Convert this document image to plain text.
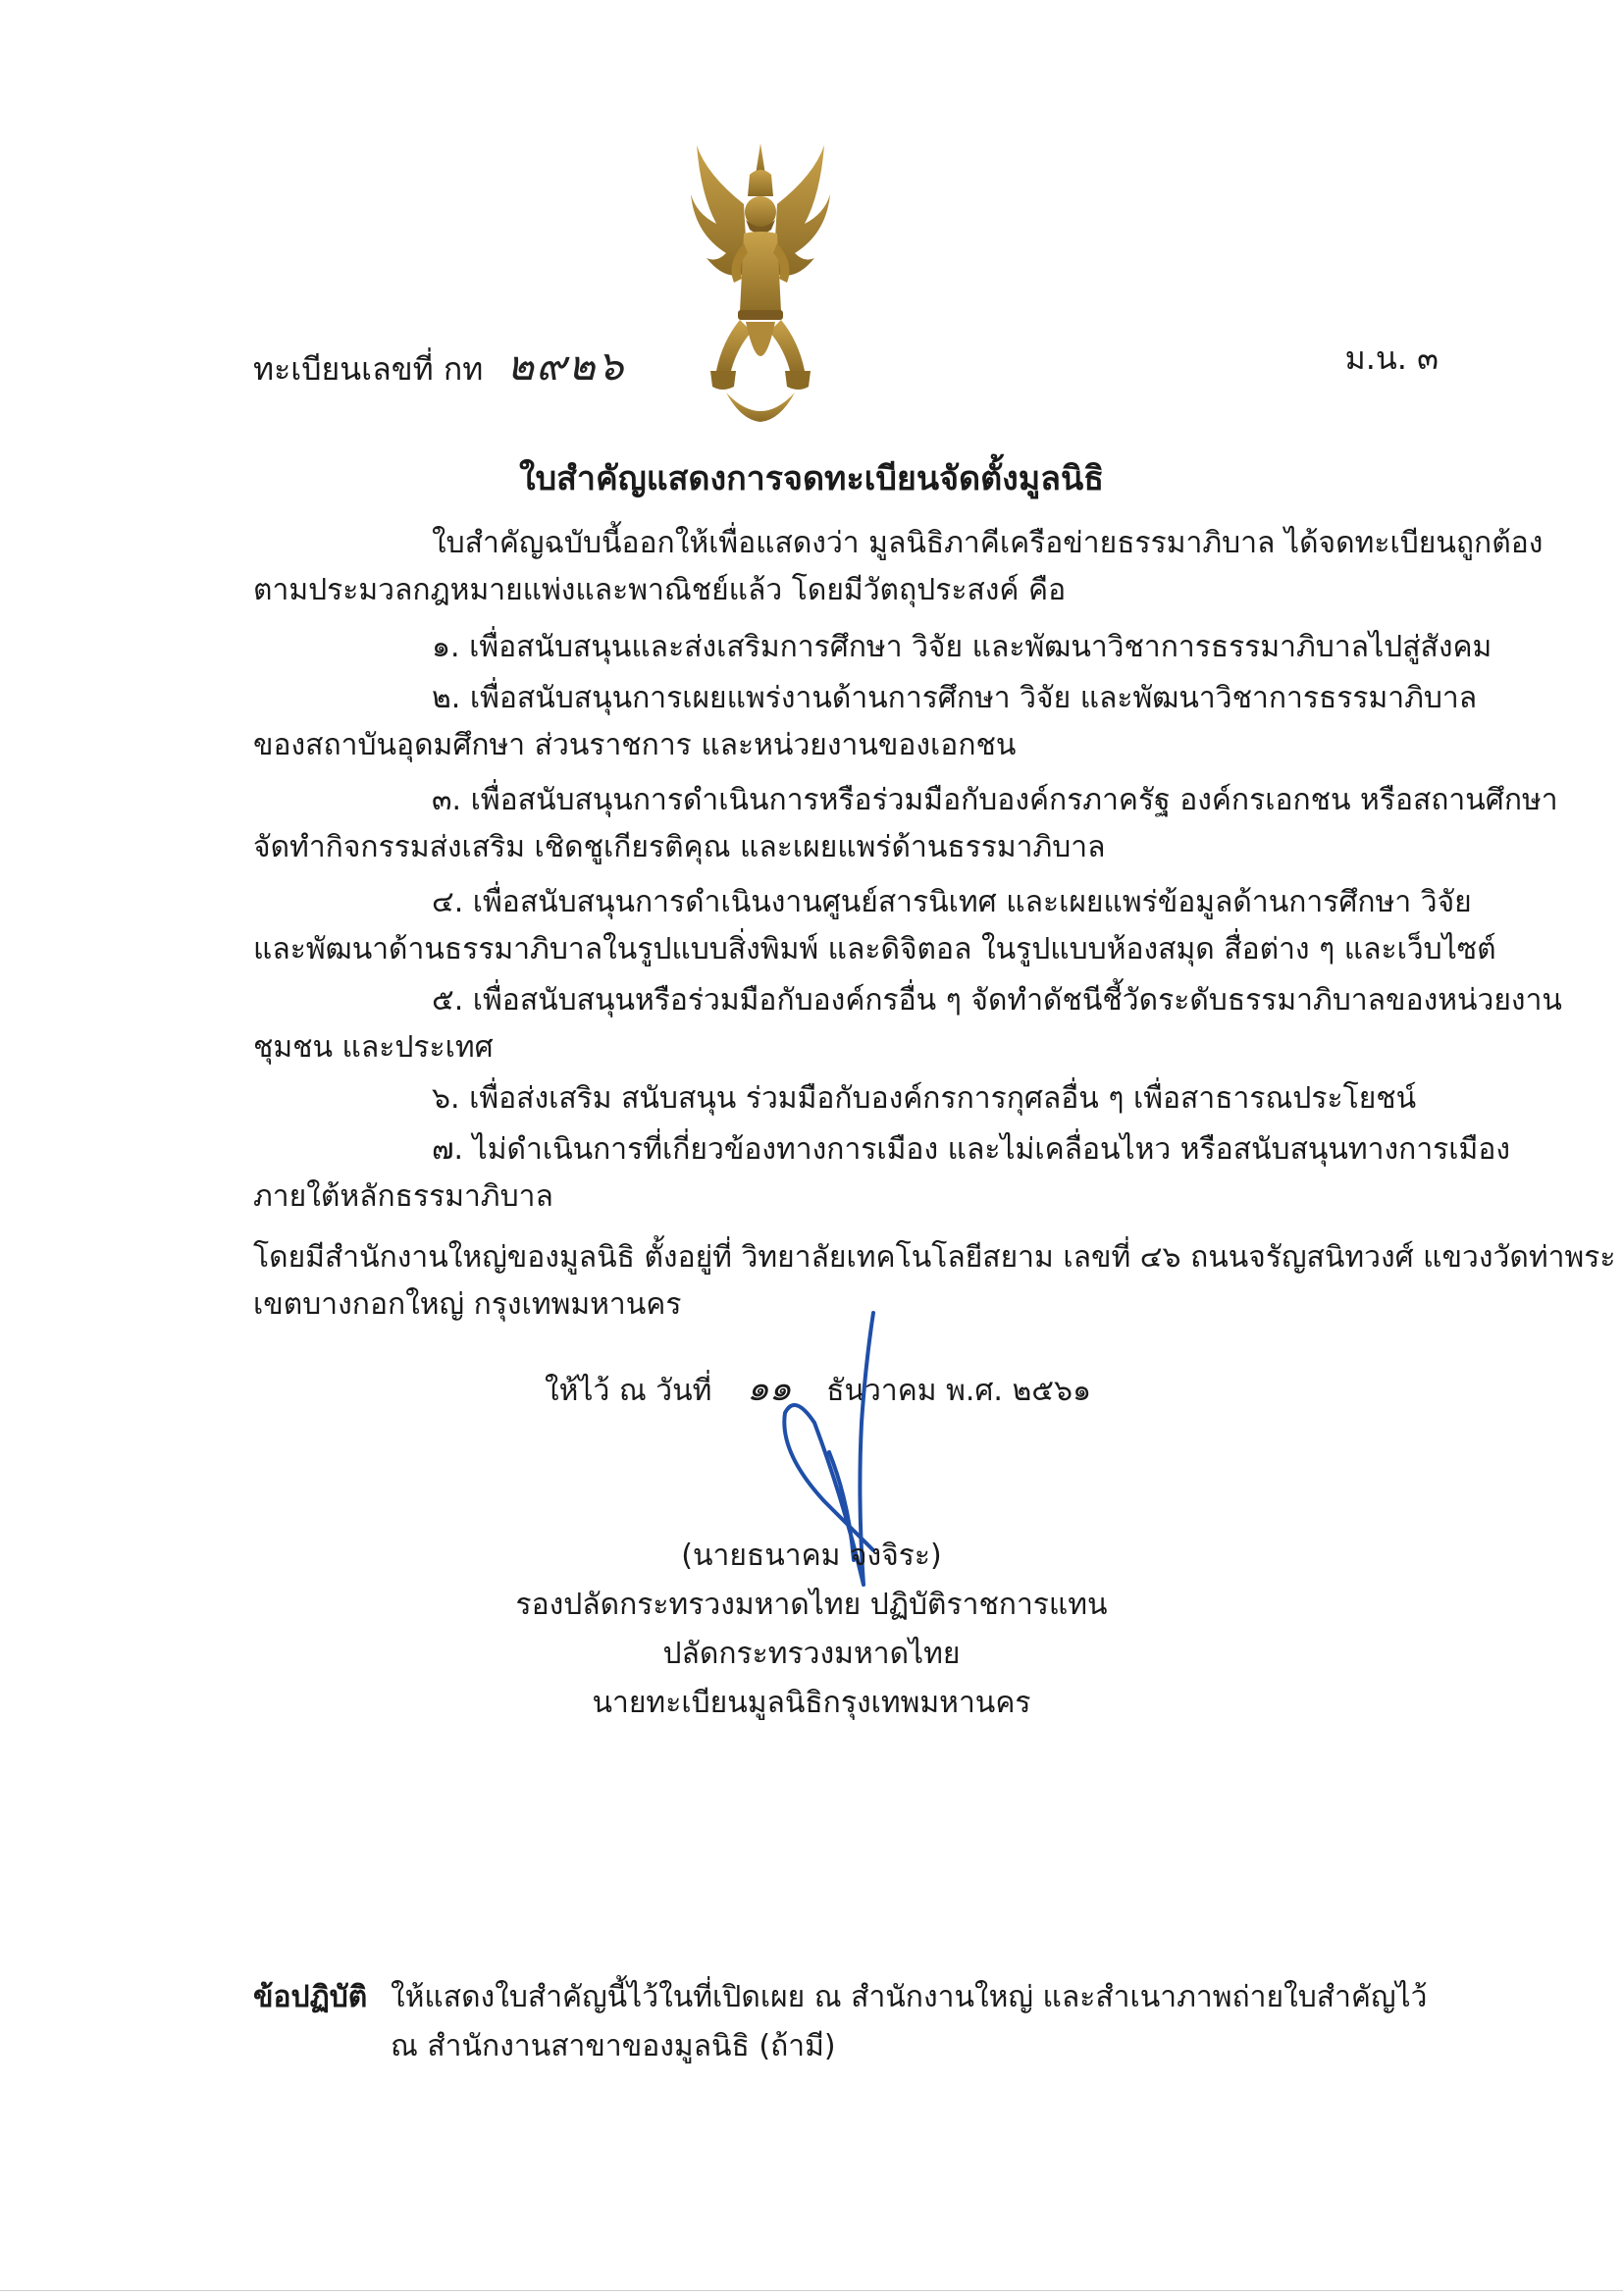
ทะเบียนเลขที่ กท ๒๙๒๖	ม.น. ๓
ใบสำคัญแสดงการจดทะเบียนจัดตั้งมูลนิธิ
ใบสำคัญฉบับนี้ออกให้เพื่อแสดงว่า มูลนิธิภาคีเครือข่ายธรรมาภิบาล ได้จดทะเบียนถูกต้อง
ตามประมวลกฎหมายแพ่งและพาณิชย์แล้ว โดยมีวัตถุประสงค์ คือ
๑. เพื่อสนับสนุนและส่งเสริมการศึกษา วิจัย และพัฒนาวิชาการธรรมาภิบาลไปสู่สังคม
๒. เพื่อสนับสนุนการเผยแพร่งานด้านการศึกษา วิจัย และพัฒนาวิชาการธรรมาภิบาล
ของสถาบันอุดมศึกษา ส่วนราชการ และหน่วยงานของเอกชน
๓. เพื่อสนับสนุนการดำเนินการหรือร่วมมือกับองค์กรภาครัฐ องค์กรเอกชน หรือสถานศึกษา
จัดทำกิจกรรมส่งเสริม เชิดชูเกียรติคุณ และเผยแพร่ด้านธรรมาภิบาล
๔. เพื่อสนับสนุนการดำเนินงานศูนย์สารนิเทศ และเผยแพร่ข้อมูลด้านการศึกษา วิจัย
และพัฒนาด้านธรรมาภิบาลในรูปแบบสิ่งพิมพ์ และดิจิตอล ในรูปแบบห้องสมุด สื่อต่าง ๆ และเว็บไซต์
๕. เพื่อสนับสนุนหรือร่วมมือกับองค์กรอื่น ๆ จัดทำดัชนีชี้วัดระดับธรรมาภิบาลของหน่วยงาน
ชุมชน และประเทศ
๖. เพื่อส่งเสริม สนับสนุน ร่วมมือกับองค์กรการกุศลอื่น ๆ เพื่อสาธารณประโยชน์
๗. ไม่ดำเนินการที่เกี่ยวข้องทางการเมือง และไม่เคลื่อนไหว หรือสนับสนุนทางการเมือง
ภายใต้หลักธรรมาภิบาล
โดยมีสำนักงานใหญ่ของมูลนิธิ ตั้งอยู่ที่ วิทยาลัยเทคโนโลยีสยาม เลขที่ ๔๖ ถนนจรัญสนิทวงศ์ แขวงวัดท่าพระ
เขตบางกอกใหญ่ กรุงเทพมหานคร
ให้ไว้ ณ วันที่ ๑๑ ธันวาคม พ.ศ. ๒๕๖๑
(นายธนาคม จงจิระ)
รองปลัดกระทรวงมหาดไทย ปฏิบัติราชการแทน
ปลัดกระทรวงมหาดไทย
นายทะเบียนมูลนิธิกรุงเทพมหานคร
ข้อปฏิบัติ ให้แสดงใบสำคัญนี้ไว้ในที่เปิดเผย ณ สำนักงานใหญ่ และสำเนาภาพถ่ายใบสำคัญไว้
ณ สำนักงานสาขาของมูลนิธิ (ถ้ามี)
